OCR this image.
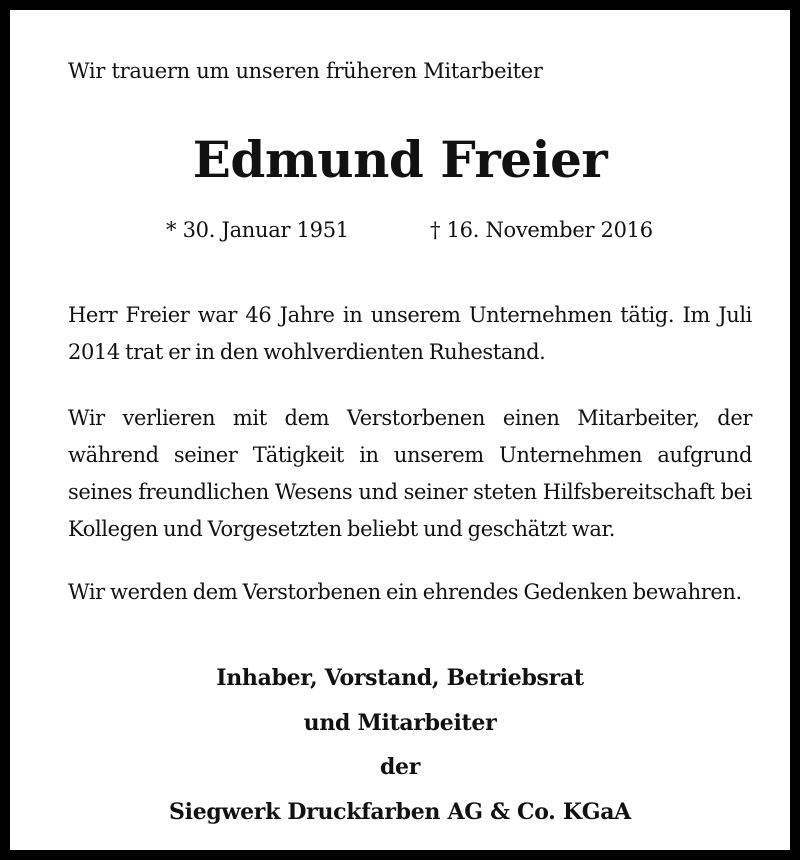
Wir trauern um unseren früheren Mitarbeiter
Edmund Freier
* 30. Januar 1951	† 16. November 2016
Herr Freier war 46 Jahre in unserem Unternehmen tätig. Im Juli 2014 trat er in den wohlverdienten Ruhestand.
Wir verlieren mit dem Verstorbenen einen Mitarbeiter, der während seiner Tätigkeit in unserem Unternehmen aufgrund seines freundlichen Wesens und seiner steten Hilfsbereitschaft bei Kollegen und Vorgesetzten beliebt und geschätzt war.
Wir werden dem Verstorbenen ein ehrendes Gedenken bewahren.
Inhaber, Vorstand, Betriebsrat
und Mitarbeiter
der
Siegwerk Druckfarben AG & Co. KGaA
